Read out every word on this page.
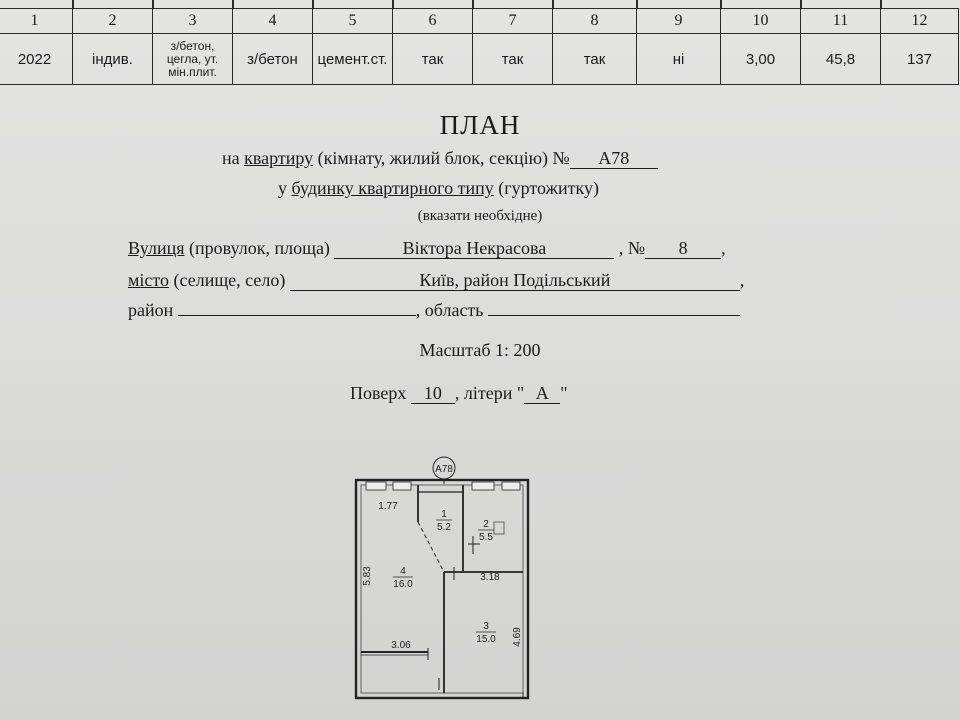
1	2	3	4	5	6	7	8	9	10	11	12
2022	індив.	з/бетон, цегла, ут. мін.плит.	з/бетон	цемент.ст.	так	так	так	ні	3,00	45,8	137
ПЛАН
на квартиру (кімнату, жилий блок, секцію) № А78
у будинку квартирного типу (гуртожитку)
(вказати необхідне)
Вулиця (провулок, площа)	Віктора Некрасова	, № 8 ,
місто (селище, село)	Київ, район Подільський	,
район	, область
Масштаб 1: 200
Поверх 10 , літери " А "
A78
1
5.2	2
5.5
3
15.0
4
16.0
1.77
5.83	3.18
3.06	4.69
